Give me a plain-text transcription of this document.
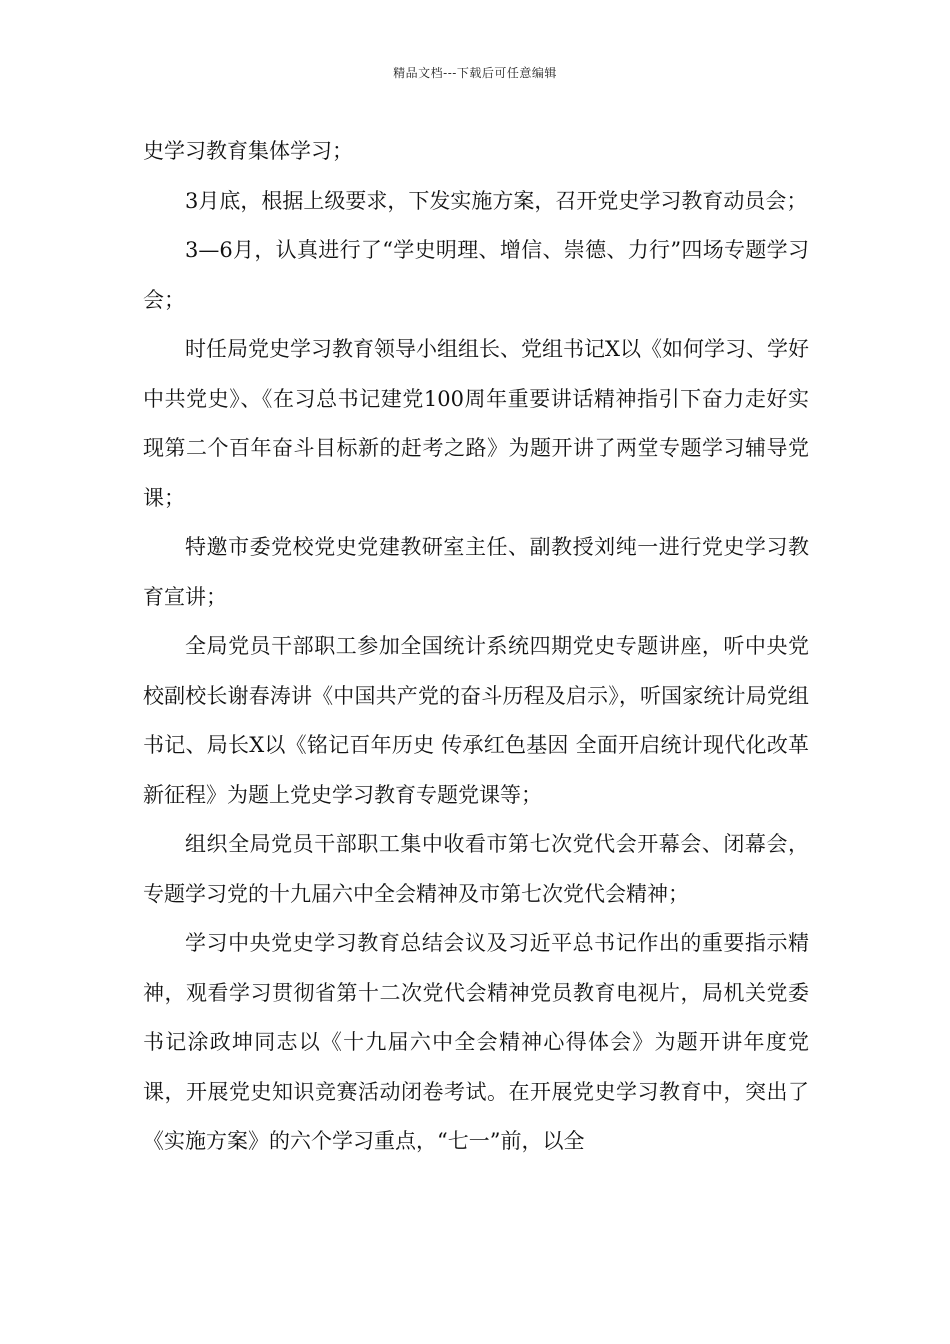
精品文档---下载后可任意编辑

史学习教育集体学习；

3月底，根据上级要求，下发实施方案，召开党史学习教育动员会；

3—6月，认真进行了“学史明理、增信、崇德、力行”四场专题学习会；

时任局党史学习教育领导小组组长、党组书记X以《如何学习、学好中共党史》、《在习总书记建党100周年重要讲话精神指引下奋力走好实现第二个百年奋斗目标新的赶考之路》为题开讲了两堂专题学习辅导党课；

特邀市委党校党史党建教研室主任、副教授刘纯一进行党史学习教育宣讲；

全局党员干部职工参加全国统计系统四期党史专题讲座，听中央党校副校长谢春涛讲《中国共产党的奋斗历程及启示》，听国家统计局党组书记、局长X以《铭记百年历史 传承红色基因 全面开启统计现代化改革新征程》为题上党史学习教育专题党课等；

组织全局党员干部职工集中收看市第七次党代会开幕会、闭幕会，专题学习党的十九届六中全会精神及市第七次党代会精神；

学习中央党史学习教育总结会议及习近平总书记作出的重要指示精神，观看学习贯彻省第十二次党代会精神党员教育电视片，局机关党委书记涂政坤同志以《十九届六中全会精神心得体会》为题开讲年度党课，开展党史知识竞赛活动闭卷考试。在开展党史学习教育中，突出了《实施方案》的六个学习重点，“七一”前，以全
